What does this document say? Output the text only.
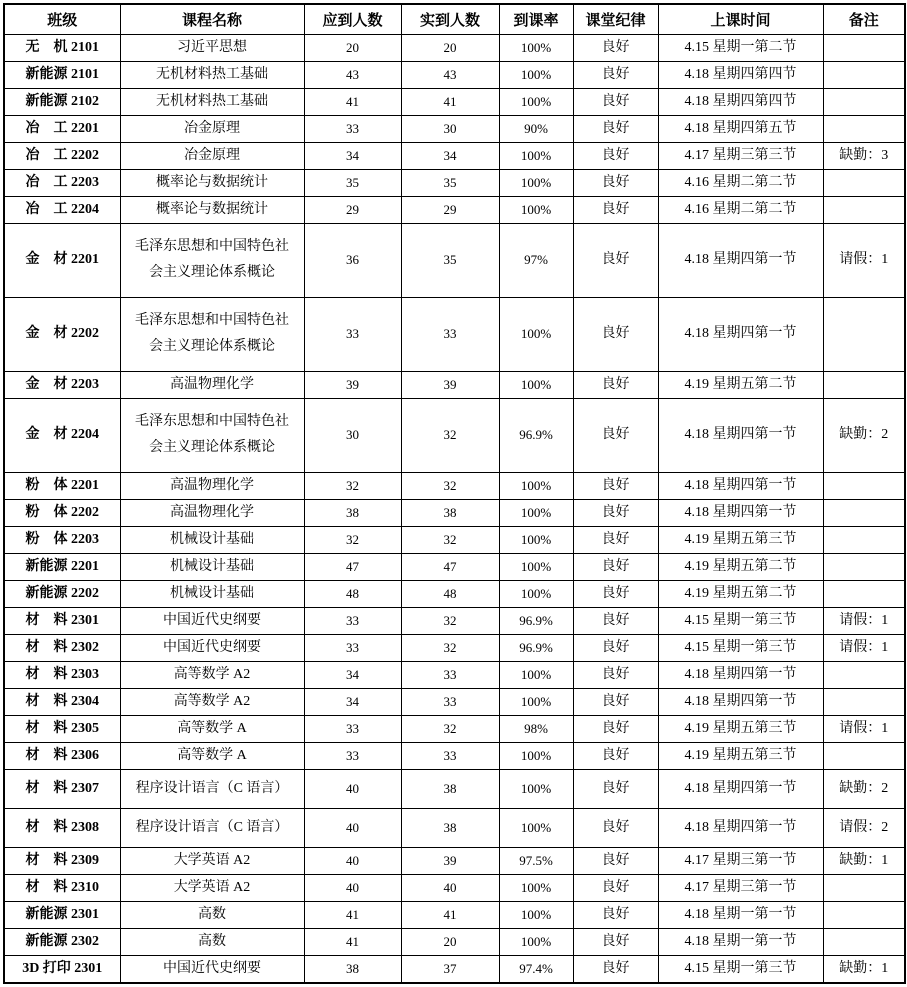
班级	课程名称	应到人数	实到人数	到课率	课堂纪律	上课时间	备注
无　机 2101	习近平思想	20	20	100%	良好	4.15 星期一第二节	
新能源 2101	无机材料热工基础	43	43	100%	良好	4.18 星期四第四节	
新能源 2102	无机材料热工基础	41	41	100%	良好	4.18 星期四第四节	
冶　工 2201	冶金原理	33	30	90%	良好	4.18 星期四第五节	
冶　工 2202	冶金原理	34	34	100%	良好	4.17 星期三第三节	缺勤：3
冶　工 2203	概率论与数据统计	35	35	100%	良好	4.16 星期二第二节	
冶　工 2204	概率论与数据统计	29	29	100%	良好	4.16 星期二第二节	
金　材 2201	毛泽东思想和中国特色社会主义理论体系概论	36	35	97%	良好	4.18 星期四第一节	请假：1
金　材 2202	毛泽东思想和中国特色社会主义理论体系概论	33	33	100%	良好	4.18 星期四第一节	
金　材 2203	高温物理化学	39	39	100%	良好	4.19 星期五第二节	
金　材 2204	毛泽东思想和中国特色社会主义理论体系概论	30	32	96.9%	良好	4.18 星期四第一节	缺勤：2
粉　体 2201	高温物理化学	32	32	100%	良好	4.18 星期四第一节	
粉　体 2202	高温物理化学	38	38	100%	良好	4.18 星期四第一节	
粉　体 2203	机械设计基础	32	32	100%	良好	4.19 星期五第三节	
新能源 2201	机械设计基础	47	47	100%	良好	4.19 星期五第二节	
新能源 2202	机械设计基础	48	48	100%	良好	4.19 星期五第二节	
材　料 2301	中国近代史纲要	33	32	96.9%	良好	4.15 星期一第三节	请假：1
材　料 2302	中国近代史纲要	33	32	96.9%	良好	4.15 星期一第三节	请假：1
材　料 2303	高等数学 A2	34	33	100%	良好	4.18 星期四第一节	
材　料 2304	高等数学 A2	34	33	100%	良好	4.18 星期四第一节	
材　料 2305	高等数学 A	33	32	98%	良好	4.19 星期五第三节	请假：1
材　料 2306	高等数学 A	33	33	100%	良好	4.19 星期五第三节	
材　料 2307	程序设计语言（C 语言）	40	38	100%	良好	4.18 星期四第一节	缺勤：2
材　料 2308	程序设计语言（C 语言）	40	38	100%	良好	4.18 星期四第一节	请假：2
材　料 2309	大学英语 A2	40	39	97.5%	良好	4.17 星期三第一节	缺勤：1
材　料 2310	大学英语 A2	40	40	100%	良好	4.17 星期三第一节	
新能源 2301	高数	41	41	100%	良好	4.18 星期一第一节	
新能源 2302	高数	41	20	100%	良好	4.18 星期一第一节	
3D 打印 2301	中国近代史纲要	38	37	97.4%	良好	4.15 星期一第三节	缺勤：1
